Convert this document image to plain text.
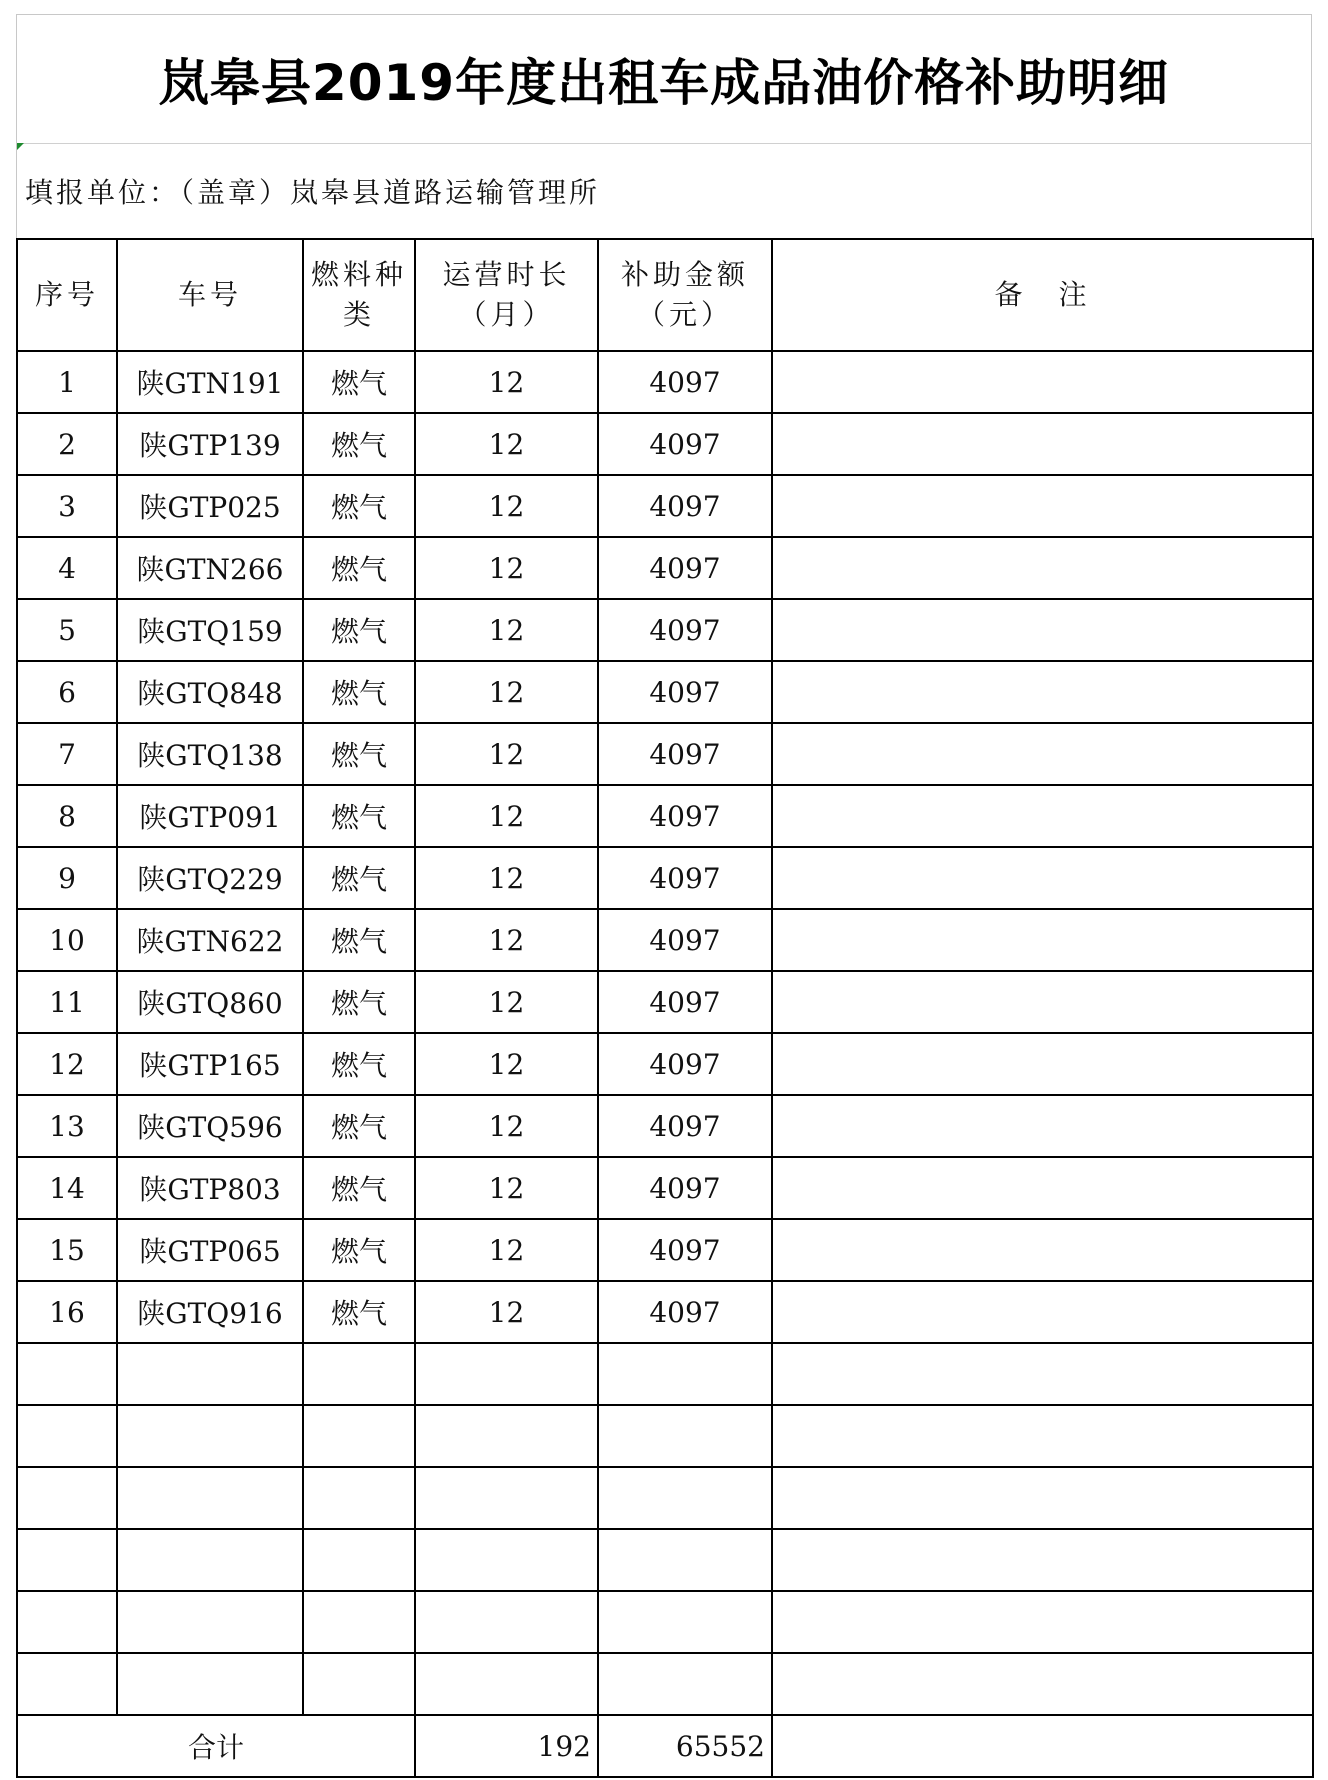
岚皋县2019年度出租车成品油价格补助明细
填报单位：（盖章）岚皋县道路运输管理所
序号	车号	燃料种类	运营时长（月）	补助金额（元）	备　注
1	陕GTN191	燃气	12	4097	
2	陕GTP139	燃气	12	4097	
3	陕GTP025	燃气	12	4097	
4	陕GTN266	燃气	12	4097	
5	陕GTQ159	燃气	12	4097	
6	陕GTQ848	燃气	12	4097	
7	陕GTQ138	燃气	12	4097	
8	陕GTP091	燃气	12	4097	
9	陕GTQ229	燃气	12	4097	
10	陕GTN622	燃气	12	4097	
11	陕GTQ860	燃气	12	4097	
12	陕GTP165	燃气	12	4097	
13	陕GTQ596	燃气	12	4097	
14	陕GTP803	燃气	12	4097	
15	陕GTP065	燃气	12	4097	
16	陕GTQ916	燃气	12	4097	

合计			192	65552	
